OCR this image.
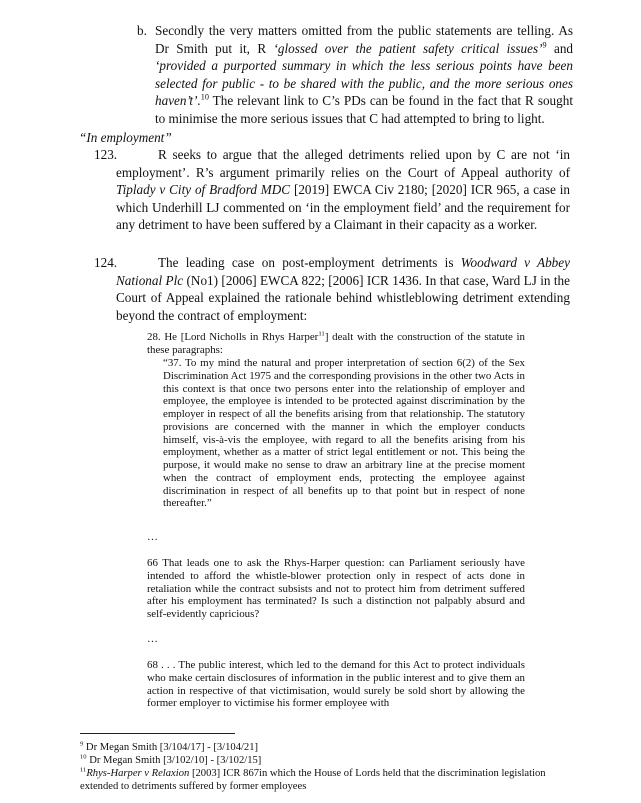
b. Secondly the very matters omitted from the public statements are telling. As Dr Smith put it, R ‘glossed over the patient safety critical issues’$^9$ and ‘provided a purported summary in which the less serious points have been selected for public - to be shared with the public, and the more serious ones haven’t’.$^{10}$ The relevant link to C’s PDs can be found in the fact that R sought to minimise the more serious issues that C had attempted to bring to light.
“In employment”
123.	R seeks to argue that the alleged detriments relied upon by C are not ‘in employment’. R’s argument primarily relies on the Court of Appeal authority of Tiplady v City of Bradford MDC [2019] EWCA Civ 2180; [2020] ICR 965, a case in which Underhill LJ commented on ‘in the employment field’ and the requirement for any detriment to have been suffered by a Claimant in their capacity as a worker.
124.	The leading case on post-employment detriments is Woodward v Abbey National Plc (No1) [2006] EWCA 822; [2006] ICR 1436. In that case, Ward LJ in the Court of Appeal explained the rationale behind whistleblowing detriment extending beyond the contract of employment:
28. He [Lord Nicholls in Rhys Harper$^{11}$] dealt with the construction of the statute in these paragraphs:
“37. To my mind the natural and proper interpretation of section 6(2) of the Sex Discrimination Act 1975 and the corresponding provisions in the other two Acts in this context is that once two persons enter into the relationship of employer and employee, the employee is intended to be protected against discrimination by the employer in respect of all the benefits arising from that relationship. The statutory provisions are concerned with the manner in which the employer conducts himself, vis-à-vis the employee, with regard to all the benefits arising from his employment, whether as a matter of strict legal entitlement or not. This being the purpose, it would make no sense to draw an arbitrary line at the precise moment when the contract of employment ends, protecting the employee against discrimination in respect of all benefits up to that point but in respect of none thereafter.”
…
66 That leads one to ask the Rhys-Harper question: can Parliament seriously have intended to afford the whistle-blower protection only in respect of acts done in retaliation while the contract subsists and not to protect him from detriment suffered after his employment has terminated? Is such a distinction not palpably absurd and self-evidently capricious?
…
68 . . . The public interest, which led to the demand for this Act to protect individuals who make certain disclosures of information in the public interest and to give them an action in respective of that victimisation, would surely be sold short by allowing the former employer to victimise his former employee with
$^9$ Dr Megan Smith [3/104/17] - [3/104/21]
$^{10}$ Dr Megan Smith [3/102/10] - [3/102/15]
$^{11}$Rhys-Harper v Relaxion [2003] ICR 867in which the House of Lords held that the discrimination legislation extended to detriments suffered by former employees
